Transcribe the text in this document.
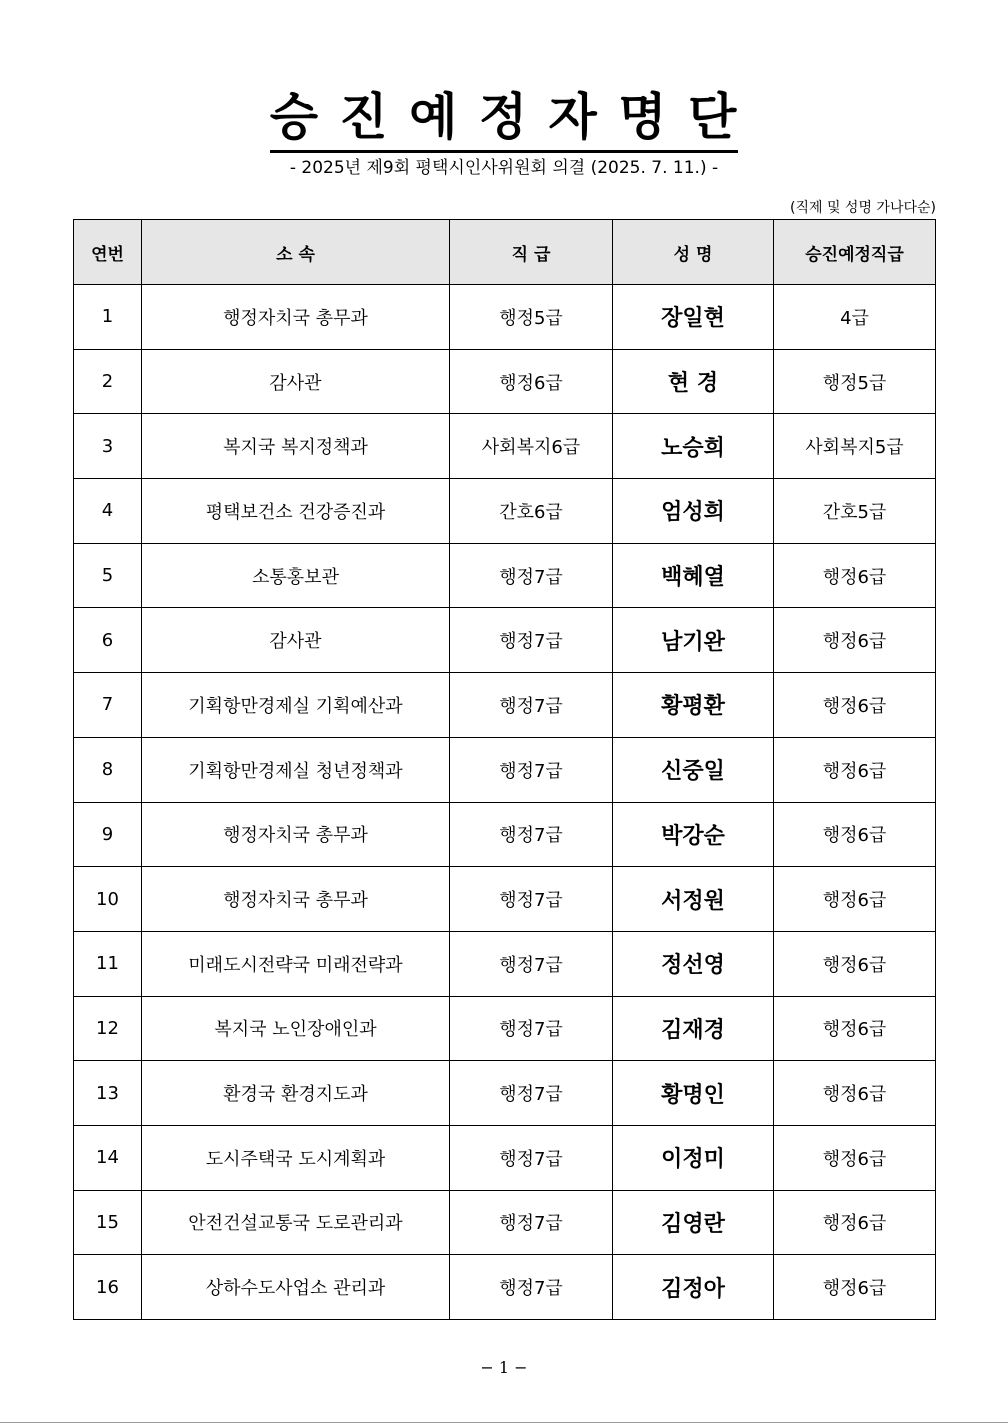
승 진 예 정 자 명 단
- 2025년 제9회 평택시인사위원회 의결 (2025. 7. 11.) -
(직제 및 성명 가나다순)
연번	소 속	직 급	성 명	승진예정직급
1	행정자치국 총무과	행정5급	장일현	4급
2	감사관	행정6급	현 경	행정5급
3	복지국 복지정책과	사회복지6급	노승희	사회복지5급
4	평택보건소 건강증진과	간호6급	엄성희	간호5급
5	소통홍보관	행정7급	백혜열	행정6급
6	감사관	행정7급	남기완	행정6급
7	기획항만경제실 기획예산과	행정7급	황평환	행정6급
8	기획항만경제실 청년정책과	행정7급	신중일	행정6급
9	행정자치국 총무과	행정7급	박강순	행정6급
10	행정자치국 총무과	행정7급	서정원	행정6급
11	미래도시전략국 미래전략과	행정7급	정선영	행정6급
12	복지국 노인장애인과	행정7급	김재경	행정6급
13	환경국 환경지도과	행정7급	황명인	행정6급
14	도시주택국 도시계획과	행정7급	이정미	행정6급
15	안전건설교통국 도로관리과	행정7급	김영란	행정6급
16	상하수도사업소 관리과	행정7급	김정아	행정6급
− 1 −
